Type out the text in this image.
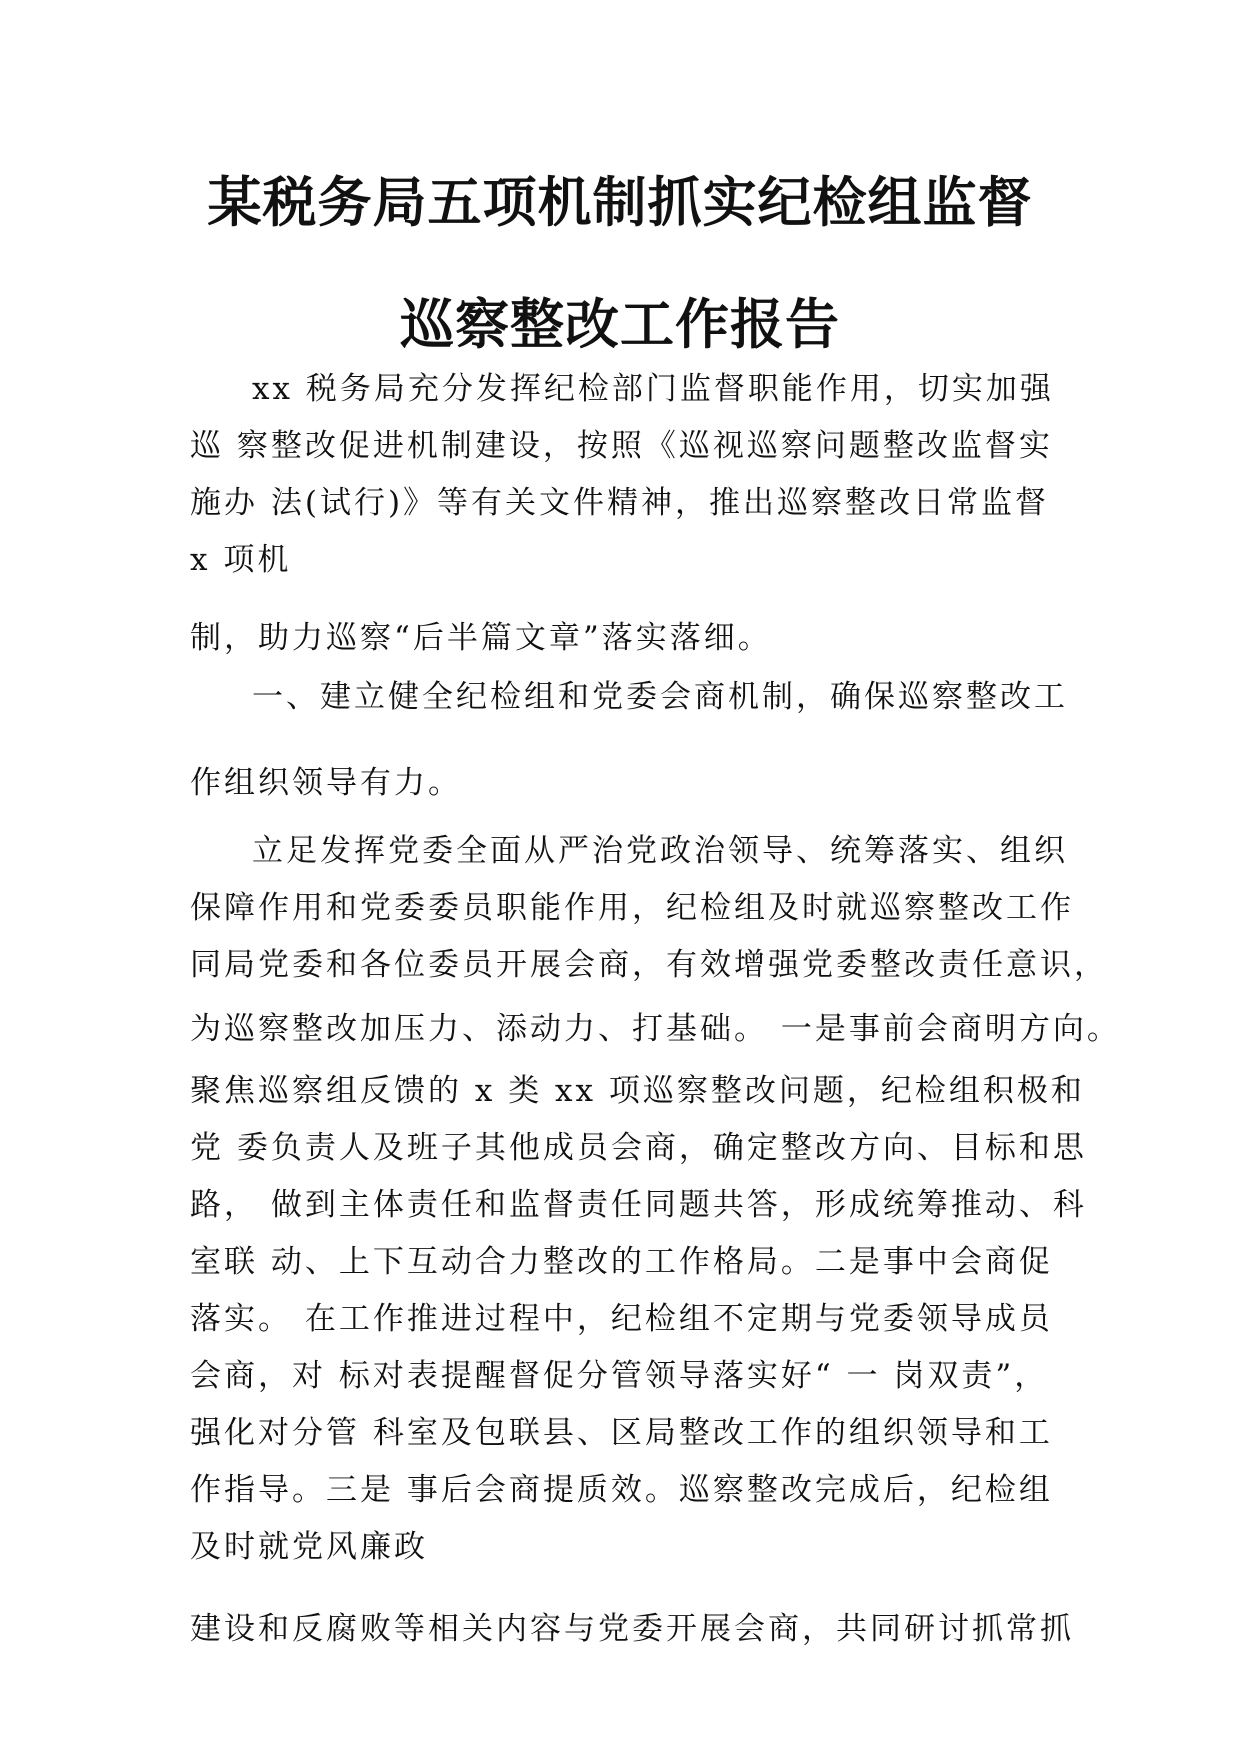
某税务局五项机制抓实纪检组监督
巡察整改工作报告

xx 税务局充分发挥纪检部门监督职能作用，切实加强

巡 察整改促进机制建设，按照《巡视巡察问题整改监督实

施办 法(试行)》等有关文件精神，推出巡察整改日常监督

x 项机

制，助力巡察“后半篇文章”落实落细。

一、建立健全纪检组和党委会商机制，确保巡察整改工

作组织领导有力。

立足发挥党委全面从严治党政治领导、统筹落实、组织

保障作用和党委委员职能作用，纪检组及时就巡察整改工作

同局党委和各位委员开展会商，有效增强党委整改责任意识，

为巡察整改加压力、添动力、打基础。 一是事前会商明方向。

聚焦巡察组反馈的 x 类 xx 项巡察整改问题，纪检组积极和

党 委负责人及班子其他成员会商，确定整改方向、目标和思

路， 做到主体责任和监督责任同题共答，形成统筹推动、科

室联 动、上下互动合力整改的工作格局。二是事中会商促

落实。 在工作推进过程中，纪检组不定期与党委领导成员

会商，对 标对表提醒督促分管领导落实好“ 一 岗双责”，

强化对分管 科室及包联县、区局整改工作的组织领导和工

作指导。三是 事后会商提质效。巡察整改完成后，纪检组

及时就党风廉政

建设和反腐败等相关内容与党委开展会商，共同研讨抓常抓
